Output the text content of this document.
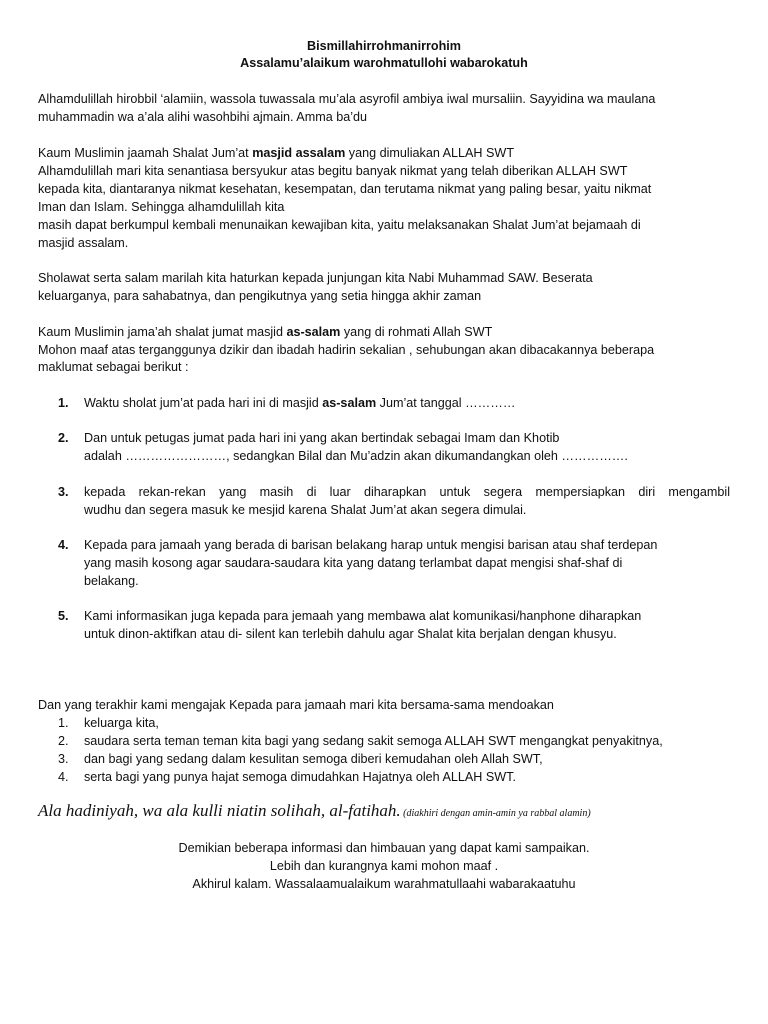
Bismillahirrohmanirrohim

Assalamu’alaikum warohmatullohi wabarokatuh

Alhamdulillah hirobbil ‘alamiin, wassola tuwassala mu’ala asyrofil ambiya iwal mursaliin. Sayyidina wa maulana

muhammadin wa a’ala alihi wasohbihi ajmain. Amma ba’du

Kaum Muslimin jaamah Shalat Jum’at masjid assalam yang dimuliakan ALLAH SWT

Alhamdulillah mari kita senantiasa bersyukur atas begitu banyak nikmat yang telah diberikan ALLAH SWT

kepada kita, diantaranya nikmat kesehatan, kesempatan, dan terutama nikmat yang paling besar, yaitu nikmat

Iman dan Islam. Sehingga alhamdulillah kita

masih dapat berkumpul kembali menunaikan kewajiban kita, yaitu melaksanakan Shalat Jum’at bejamaah di

masjid assalam.

Sholawat serta salam marilah kita haturkan kepada junjungan kita Nabi Muhammad SAW. Beserata

keluarganya, para sahabatnya, dan pengikutnya yang setia hingga akhir zaman

Kaum Muslimin jama’ah shalat jumat masjid as-salam yang di rohmati Allah SWT

Mohon maaf atas terganggunya dzikir dan ibadah hadirin sekalian , sehubungan akan dibacakannya beberapa

maklumat sebagai berikut :

1. Waktu sholat jum’at pada hari ini di masjid as-salam Jum’at tanggal …………

2. Dan untuk petugas jumat pada hari ini yang akan bertindak sebagai Imam dan Khotib

adalah ……………………, sedangkan Bilal dan Mu’adzin akan dikumandangkan oleh …………….

3. kepada rekan-rekan yang masih di luar diharapkan untuk segera mempersiapkan diri mengambil

wudhu dan segera masuk ke mesjid karena Shalat Jum’at akan segera dimulai.

4. Kepada para jamaah yang berada di barisan belakang harap untuk mengisi barisan atau shaf terdepan

yang masih kosong agar saudara-saudara kita yang datang terlambat dapat mengisi shaf-shaf di

belakang.

5. Kami informasikan juga kepada para jemaah yang membawa alat komunikasi/hanphone diharapkan

untuk dinon-aktifkan atau di- silent kan terlebih dahulu agar Shalat kita berjalan dengan khusyu.

Dan yang terakhir kami mengajak Kepada para jamaah mari kita bersama-sama mendoakan

1. keluarga kita,

2. saudara serta teman teman kita bagi yang sedang sakit semoga ALLAH SWT mengangkat penyakitnya,

3. dan bagi yang sedang dalam kesulitan semoga diberi kemudahan oleh Allah SWT,

4. serta bagi yang punya hajat semoga dimudahkan Hajatnya oleh ALLAH SWT.

Ala hadiniyah, wa ala kulli niatin solihah, al-fatihah. (diakhiri dengan amin-amin ya rabbal alamin)

Demikian beberapa informasi dan himbauan yang dapat kami sampaikan.

Lebih dan kurangnya kami mohon maaf .

Akhirul kalam. Wassalaamualaikum warahmatullaahi wabarakaatuhu
